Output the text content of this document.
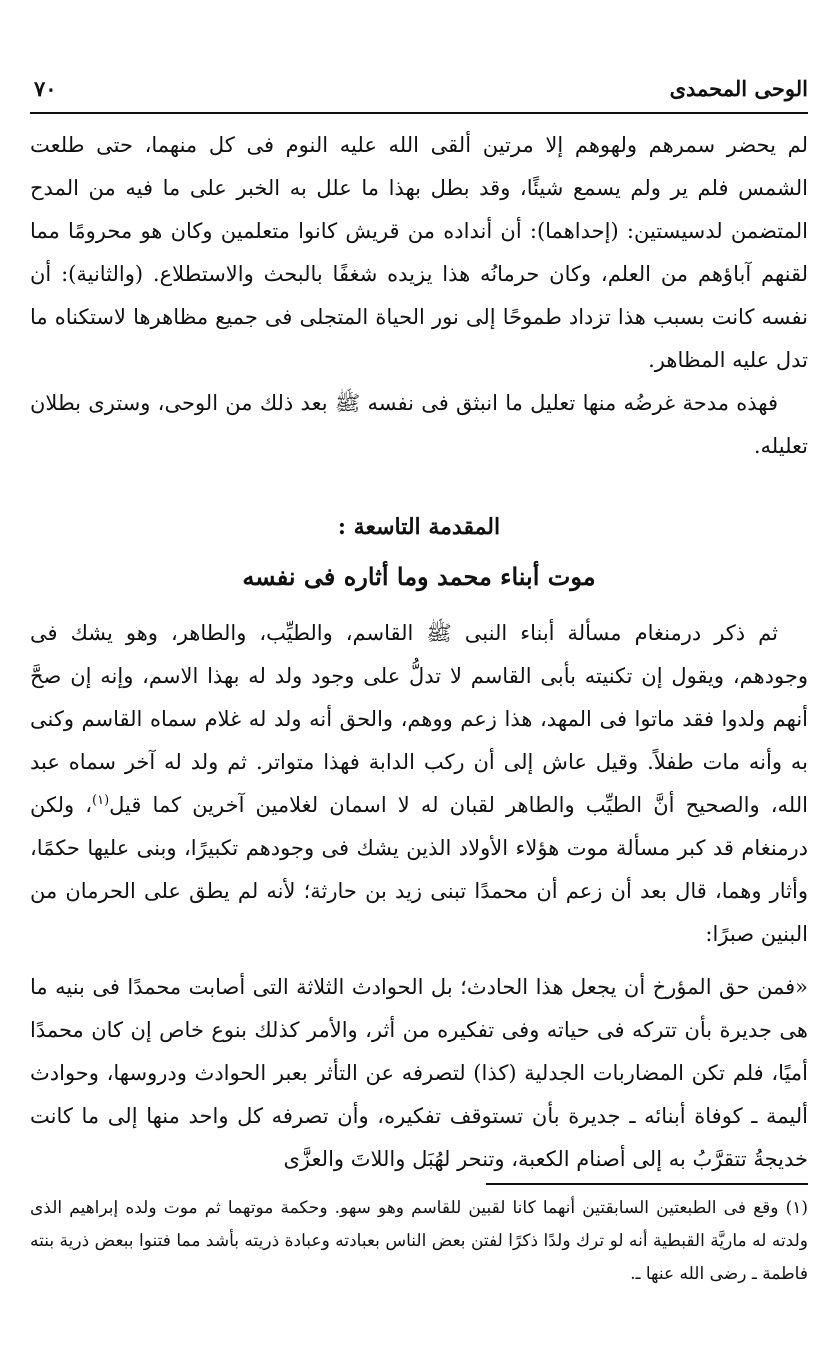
الوحى المحمدى
٧٠

لم يحضر سمرهم ولهوهم إلا مرتين ألقى الله عليه النوم فى كل منهما، حتى طلعت الشمس فلم ير ولم يسمع شيئًا، وقد بطل بهذا ما علل به الخبر على ما فيه من المدح المتضمن لدسيستين: (إحداهما): أن أنداده من قريش كانوا متعلمين وكان هو محرومًا مما لقنهم آباؤهم من العلم، وكان حرمانُه هذا يزيده شغفًا بالبحث والاستطلاع. (والثانية): أن نفسه كانت بسبب هذا تزداد طموحًا إلى نور الحياة المتجلى فى جميع مظاهرها لاستكناه ما تدل عليه المظاهر.

فهذه مدحة غرضُه منها تعليل ما انبثق فى نفسه ﷺ بعد ذلك من الوحى، وسترى بطلان تعليله.

المقدمة التاسعة :
موت أبناء محمد وما أثاره فى نفسه

ثم ذكر درمنغام مسألة أبناء النبى ﷺ القاسم، والطيِّب، والطاهر، وهو يشك فى وجودهم، ويقول إن تكنيته بأبى القاسم لا تدلُّ على وجود ولد له بهذا الاسم، وإنه إن صحَّ أنهم ولدوا فقد ماتوا فى المهد، هذا زعم ووهم، والحق أنه ولد له غلام سماه القاسم وكنى به وأنه مات طفلاً. وقيل عاش إلى أن ركب الدابة فهذا متواتر. ثم ولد له آخر سماه عبد الله، والصحيح أنَّ الطيِّب والطاهر لقبان له لا اسمان لغلامين آخرين كما قيل$^{(١)}$، ولكن درمنغام قد كبر مسألة موت هؤلاء الأولاد الذين يشك فى وجودهم تكبيرًا، وبنى عليها حكمًا، وأثار وهما، قال بعد أن زعم أن محمدًا تبنى زيد بن حارثة؛ لأنه لم يطق على الحرمان من البنين صبرًا:

«فمن حق المؤرخ أن يجعل هذا الحادث؛ بل الحوادث الثلاثة التى أصابت محمدًا فى بنيه ما هى جديرة بأن تتركه فى حياته وفى تفكيره من أثر، والأمر كذلك بنوع خاص إن كان محمدًا أميًا، فلم تكن المضاربات الجدلية (كذا) لتصرفه عن التأثر بعبر الحوادث ودروسها، وحوادث أليمة ـ كوفاة أبنائه ـ جديرة بأن تستوقف تفكيره، وأن تصرفه كل واحد منها إلى ما كانت خديجةُ تتقرَّبُ به إلى أصنام الكعبة، وتنحر لهُبَل واللاتَ والعزَّى

(١) وقع فى الطبعتين السابقتين أنهما كانا لقبين للقاسم وهو سهو. وحكمة موتهما ثم موت ولده إبراهيم الذى ولدته له ماريَّة القبطية أنه لو ترك ولدًا ذكرًا لفتن بعض الناس بعبادته وعبادة ذريته بأشد مما فتنوا ببعض ذرية بنته فاطمة ـ رضى الله عنها ـ.
